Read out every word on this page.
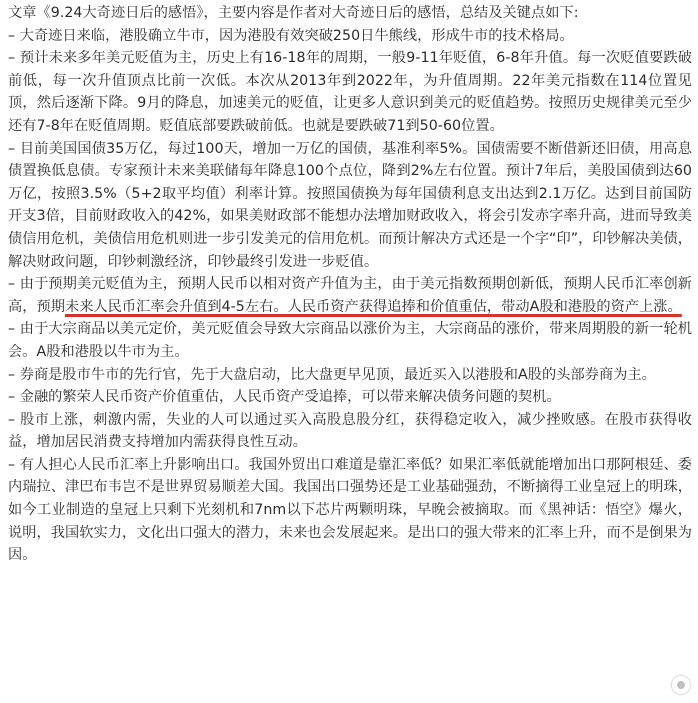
文章《9.24大奇迹日后的感悟》，主要内容是作者对大奇迹日后的感悟，总结及关键点如下:

– 大奇迹日来临，港股确立牛市，因为港股有效突破250日牛熊线，形成牛市的技术格局。

– 预计未来多年美元贬值为主，历史上有16-18年的周期，一般9-11年贬值，6-8年升值。每一次贬值要跌破前低，每一次升值顶点比前一次低。本次从2013年到2022年，为升值周期。22年美元指数在114位置见顶，然后逐渐下降。9月的降息，加速美元的贬值，让更多人意识到美元的贬值趋势。按照历史规律美元至少还有7-8年在贬值周期。贬值底部要跌破前低。也就是要跌破71到50-60位置。

– 目前美国国债35万亿，每过100天，增加一万亿的国债，基准利率5%。国债需要不断借新还旧债，用高息债置换低息债。专家预计未来美联储每年降息100个点位，降到2%左右位置。预计7年后，美股国债到达60万亿，按照3.5%（5+2取平均值）利率计算。按照国债换为每年国债利息支出达到2.1万亿。达到目前国防开支3倍，目前财政收入的42%，如果美财政部不能想办法增加财政收入，将会引发赤字率升高，进而导致美债信用危机，美债信用危机则进一步引发美元的信用危机。而预计解决方式还是一个字“印”，印钞解决美债，解决财政问题，印钞刺激经济，印钞最终引发进一步贬值。

– 由于预期美元贬值为主，预期人民币以相对资产升值为主，由于美元指数预期创新低，预期人民币汇率创新高，预期未来人民币汇率会升值到4-5左右。人民币资产获得追捧和价值重估，带动A股和港股的资产上涨。

– 由于大宗商品以美元定价，美元贬值会导致大宗商品以涨价为主，大宗商品的涨价，带来周期股的新一轮机会。A股和港股以牛市为主。

– 券商是股市牛市的先行官，先于大盘启动，比大盘更早见顶，最近买入以港股和A股的头部券商为主。

– 金融的繁荣人民币资产价值重估，人民币资产受追捧，可以带来解决债务问题的契机。

– 股市上涨，刺激内需，失业的人可以通过买入高股息股分红，获得稳定收入，减少挫败感。在股市获得收益，增加居民消费支持增加内需获得良性互动。

– 有人担心人民币汇率上升影响出口。我国外贸出口难道是靠汇率低？如果汇率低就能增加出口那阿根廷、委内瑞拉、津巴布韦岂不是世界贸易顺差大国。我国出口强势还是工业基础强劲，不断摘得工业皇冠上的明珠，如今工业制造的皇冠上只剩下光刻机和7nm以下芯片两颗明珠，早晚会被摘取。而《黑神话：悟空》爆火，说明，我国软实力，文化出口强大的潜力，未来也会发展起来。是出口的强大带来的汇率上升，而不是倒果为因。
